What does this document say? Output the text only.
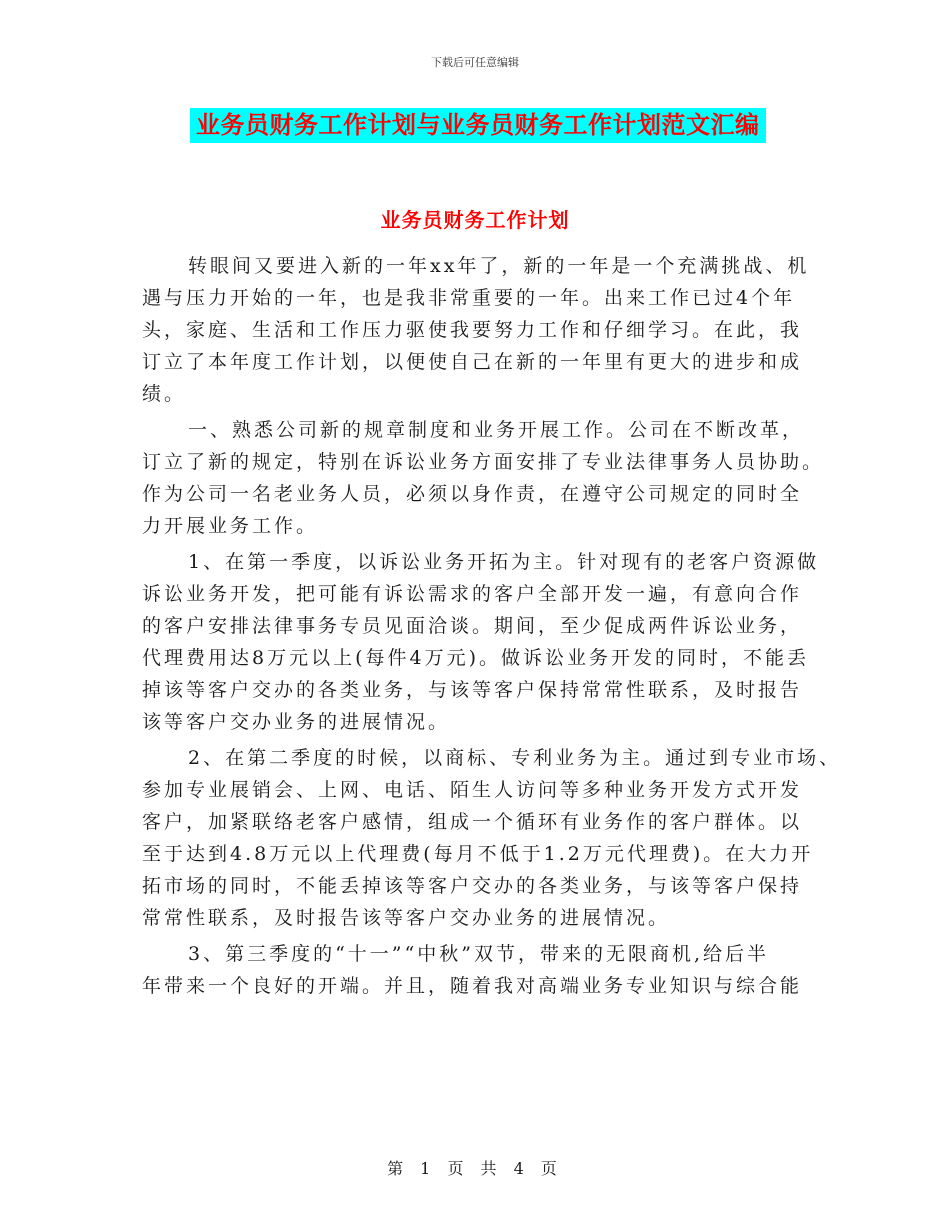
下载后可任意编辑
业务员财务工作计划与业务员财务工作计划范文汇编
业务员财务工作计划
转眼间又要进入新的一年xx年了，新的一年是一个充满挑战、机
遇与压力开始的一年，也是我非常重要的一年。出来工作已过4个年
头，家庭、生活和工作压力驱使我要努力工作和仔细学习。在此，我
订立了本年度工作计划，以便使自己在新的一年里有更大的进步和成
绩。
一、熟悉公司新的规章制度和业务开展工作。公司在不断改革，
订立了新的规定，特别在诉讼业务方面安排了专业法律事务人员协助。
作为公司一名老业务人员，必须以身作责，在遵守公司规定的同时全
力开展业务工作。
1、在第一季度，以诉讼业务开拓为主。针对现有的老客户资源做
诉讼业务开发，把可能有诉讼需求的客户全部开发一遍，有意向合作
的客户安排法律事务专员见面洽谈。期间，至少促成两件诉讼业务，
代理费用达8万元以上(每件4万元)。做诉讼业务开发的同时，不能丢
掉该等客户交办的各类业务，与该等客户保持常常性联系，及时报告
该等客户交办业务的进展情况。
2、在第二季度的时候，以商标、专利业务为主。通过到专业市场、
参加专业展销会、上网、电话、陌生人访问等多种业务开发方式开发
客户，加紧联络老客户感情，组成一个循环有业务作的客户群体。以
至于达到4.8万元以上代理费(每月不低于1.2万元代理费)。在大力开
拓市场的同时，不能丢掉该等客户交办的各类业务，与该等客户保持
常常性联系，及时报告该等客户交办业务的进展情况。
3、第三季度的“十一”“中秋”双节，带来的无限商机,给后半
年带来一个良好的开端。并且，随着我对高端业务专业知识与综合能
第 1 页 共 4 页
